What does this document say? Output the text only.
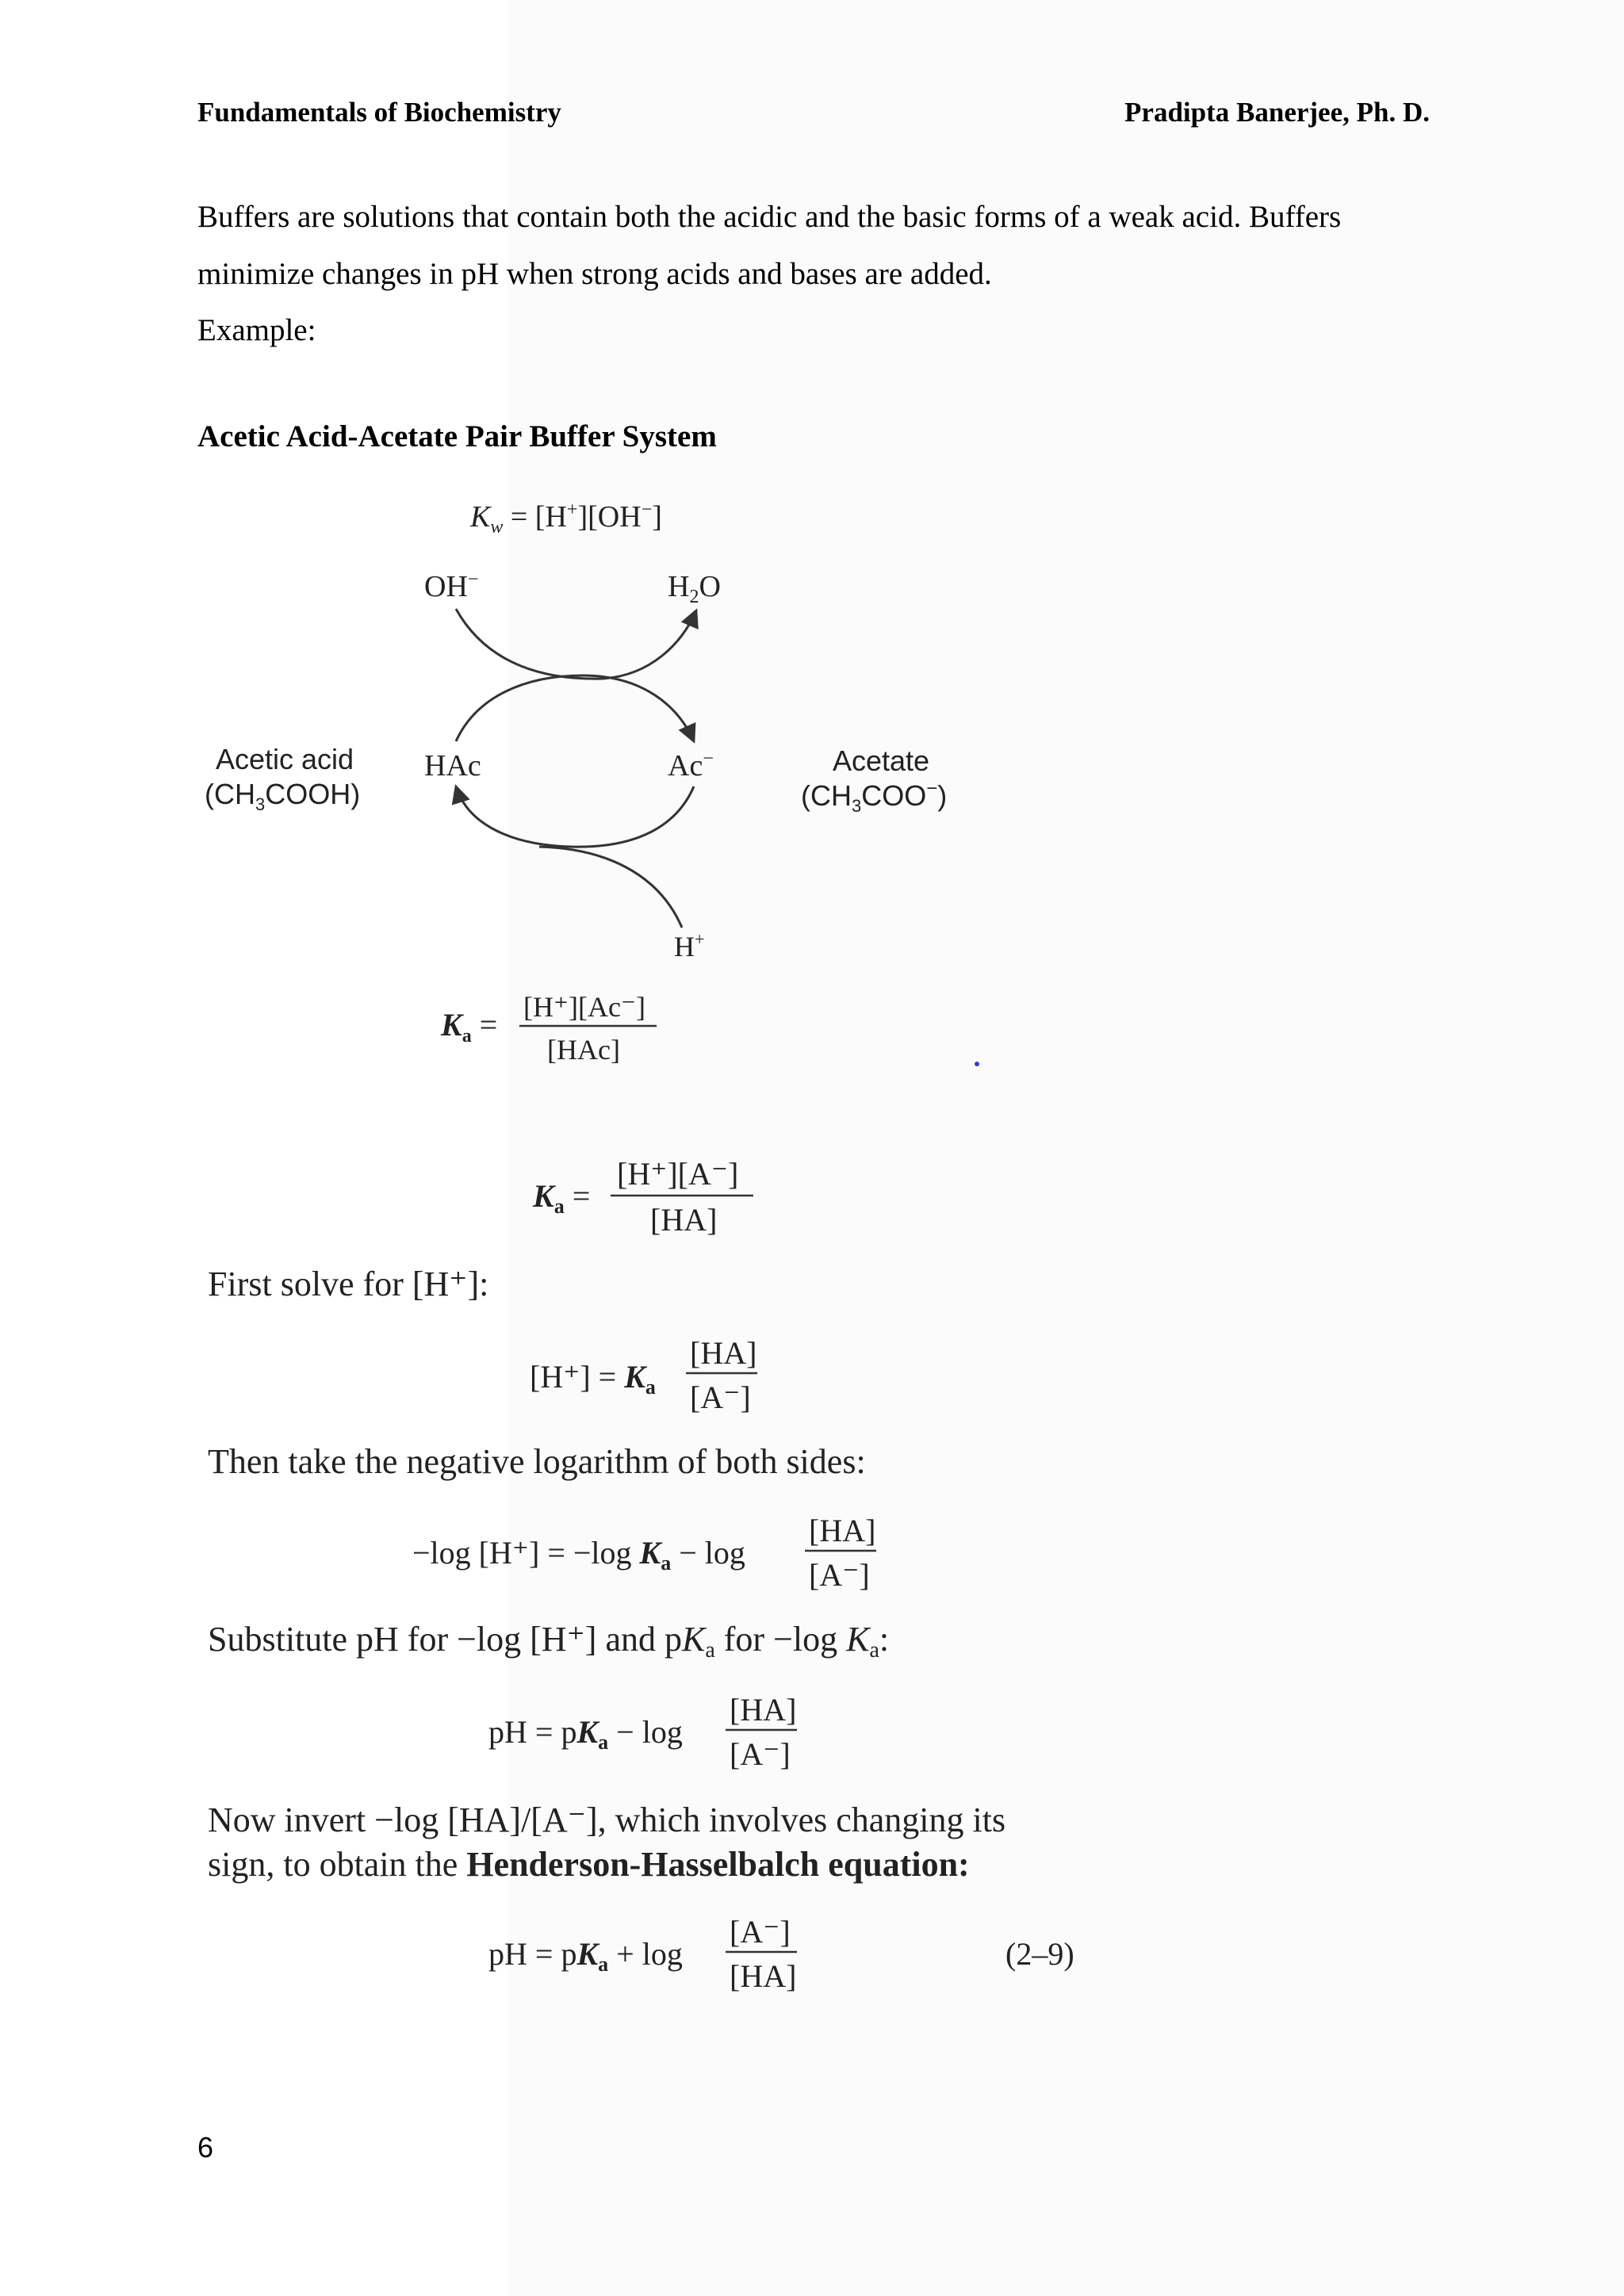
Fundamentals of Biochemistry	Pradipta Banerjee, Ph. D.
Buffers are solutions that contain both the acidic and the basic forms of a weak acid. Buffers
minimize changes in pH when strong acids and bases are added.
Example:
Acetic Acid-Acetate Pair Buffer System
$K_w = [H^+][OH^-]$
OH−	$H_2O$
HAc	Ac−
H+
Acetic acid
$(CH_3COOH)$
Acetate
$(CH_3COO^-)$
$K_a = [H^+][Ac^-]$
[HAc]
$K_a$ =
[H⁺][A⁻]
[HA]
First solve for [H⁺]:
$[H^+] = K_a$
[HA]
[A⁻]
Then take the negative logarithm of both sides:
−log [H⁺] = −log $K_a - \log$
[HA]
[A⁻]
Substitute pH for −log [H⁺] and pKa for −log Ka:
pH = $pK_a - \log$
[HA]
[A⁻]
Now invert −log [HA]/[A⁻], which involves changing its
sign, to obtain the Henderson-Hasselbalch equation:
pH = $pK_a + \log$
[A⁻]
[HA]
(2–9)
6
